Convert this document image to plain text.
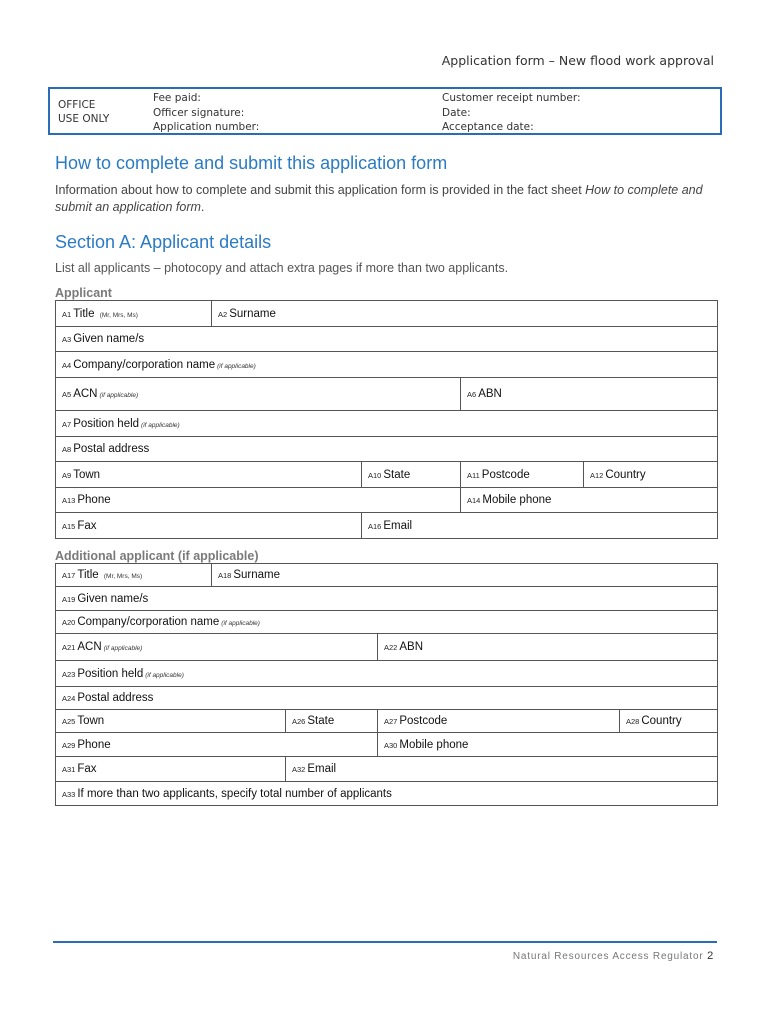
Application form – New flood work approval
OFFICE
USE ONLY
Fee paid:
Officer signature:
Application number:
Customer receipt number:
Date:
Acceptance date:
How to complete and submit this application form

Information about how to complete and submit this application form is provided in the fact sheet How to complete and submit an application form.

Section A: Applicant details

List all applicants – photocopy and attach extra pages if more than two applicants.

Applicant
A1 Title (Mr, Mrs, Ms)	A2 Surname			
A3 Given name/s				
A4 Company/corporation name (if applicable)				
A5 ACN (if applicable)			A6 ABN	
A7 Position held (if applicable)				
A8 Postal address				
A9 Town		A10 State	A11 Postcode	A12 Country
A13 Phone			A14 Mobile phone	
A15 Fax		A16 Email		
Additional applicant (if applicable)
A17 Title (Mr, Mrs, Ms)	A18 Surname			
A19 Given name/s				
A20 Company/corporation name (if applicable)				
A21 ACN (if applicable)			A22 ABN	
A23 Position held (if applicable)				
A24 Postal address				
A25 Town		A26 State	A27 Postcode	A28 Country
A29 Phone			A30 Mobile phone	
A31 Fax		A32 Email		
A33 If more than two applicants, specify total number of applicants				
Natural Resources Access Regulator 2
